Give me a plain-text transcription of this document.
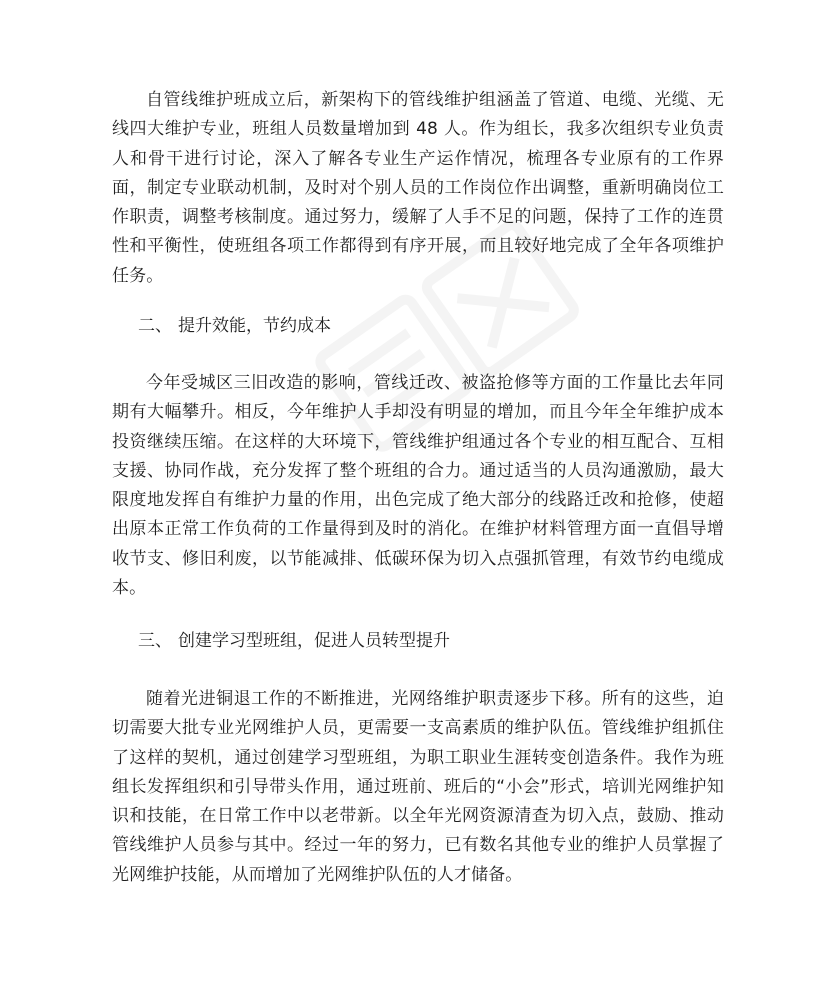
自管线维护班成立后，新架构下的管线维护组涵盖了管道、电缆、光缆、无线四大维护专业，班组人员数量增加到 48 人。作为组长，我多次组织专业负责人和骨干进行讨论，深入了解各专业生产运作情况，梳理各专业原有的工作界面，制定专业联动机制，及时对个别人员的工作岗位作出调整，重新明确岗位工作职责，调整考核制度。通过努力，缓解了人手不足的问题，保持了工作的连贯性和平衡性，使班组各项工作都得到有序开展，而且较好地完成了全年各项维护任务。

二、 提升效能，节约成本

今年受城区三旧改造的影响，管线迁改、被盗抢修等方面的工作量比去年同期有大幅攀升。相反，今年维护人手却没有明显的增加，而且今年全年维护成本投资继续压缩。在这样的大环境下，管线维护组通过各个专业的相互配合、互相支援、协同作战，充分发挥了整个班组的合力。通过适当的人员沟通激励，最大限度地发挥自有维护力量的作用，出色完成了绝大部分的线路迁改和抢修，使超出原本正常工作负荷的工作量得到及时的消化。在维护材料管理方面一直倡导增收节支、修旧利废，以节能减排、低碳环保为切入点强抓管理，有效节约电缆成本。

三、 创建学习型班组，促进人员转型提升

随着光进铜退工作的不断推进，光网络维护职责逐步下移。所有的这些，迫切需要大批专业光网维护人员，更需要一支高素质的维护队伍。管线维护组抓住了这样的契机，通过创建学习型班组，为职工职业生涯转变创造条件。我作为班组长发挥组织和引导带头作用，通过班前、班后的“小会”形式，培训光网维护知识和技能，在日常工作中以老带新。以全年光网资源清查为切入点，鼓励、推动管线维护人员参与其中。经过一年的努力，已有数名其他专业的维护人员掌握了光网维护技能，从而增加了光网维护队伍的人才储备。
